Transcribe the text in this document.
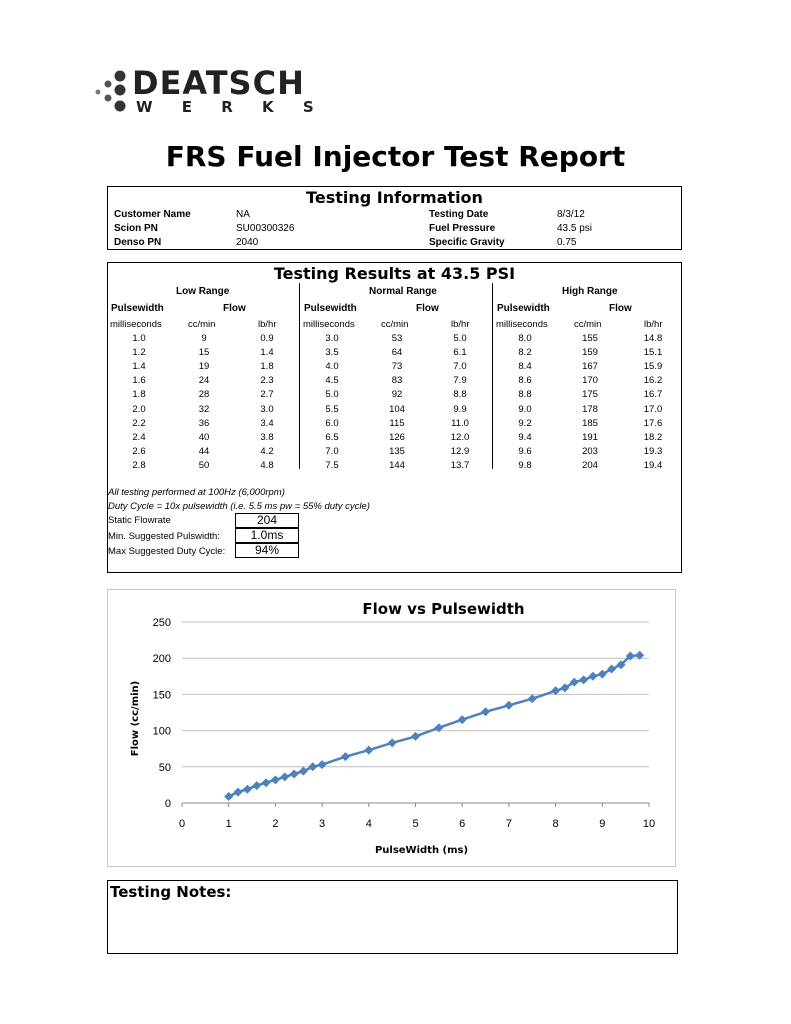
DEATSCH
W E R K S
FRS Fuel Injector Test Report
Testing Information
Customer Name	NA
Scion PN	SU00300326
Denso PN	2040
Testing Date	8/3/12
Fuel Pressure	43.5 psi
Specific Gravity	0.75
Testing Results at 43.5 PSI
Low Range
Pulsewidth	Flow
milliseconds	cc/min	lb/hr
1.0	9	0.9
1.2	15	1.4
1.4	19	1.8
1.6	24	2.3
1.8	28	2.7
2.0	32	3.0
2.2	36	3.4
2.4	40	3.8
2.6	44	4.2
2.8	50	4.8
Normal Range
Pulsewidth	Flow
milliseconds	cc/min	lb/hr
3.0	53	5.0
3.5	64	6.1
4.0	73	7.0
4.5	83	7.9
5.0	92	8.8
5.5	104	9.9
6.0	115	11.0
6.5	126	12.0
7.0	135	12.9
7.5	144	13.7
High Range
Pulsewidth	Flow
milliseconds	cc/min	lb/hr
8.0	155	14.8
8.2	159	15.1
8.4	167	15.9
8.6	170	16.2
8.8	175	16.7
9.0	178	17.0
9.2	185	17.6
9.4	191	18.2
9.6	203	19.3
9.8	204	19.4
All testing performed at 100Hz (6,000rpm)
Duty Cycle = 10x pulsewidth (i.e. 5.5 ms pw = 55% duty cycle)
Static Flowrate	204
Min. Suggested Pulswidth:	1.0ms
Max Suggested Duty Cycle:	94%
0
50
100
150
200
250
0	1	2	3	4	5	6	7	8	9	10
Flow vs Pulsewidth
PulseWidth (ms)
Flow (cc/min)
Testing Notes:
